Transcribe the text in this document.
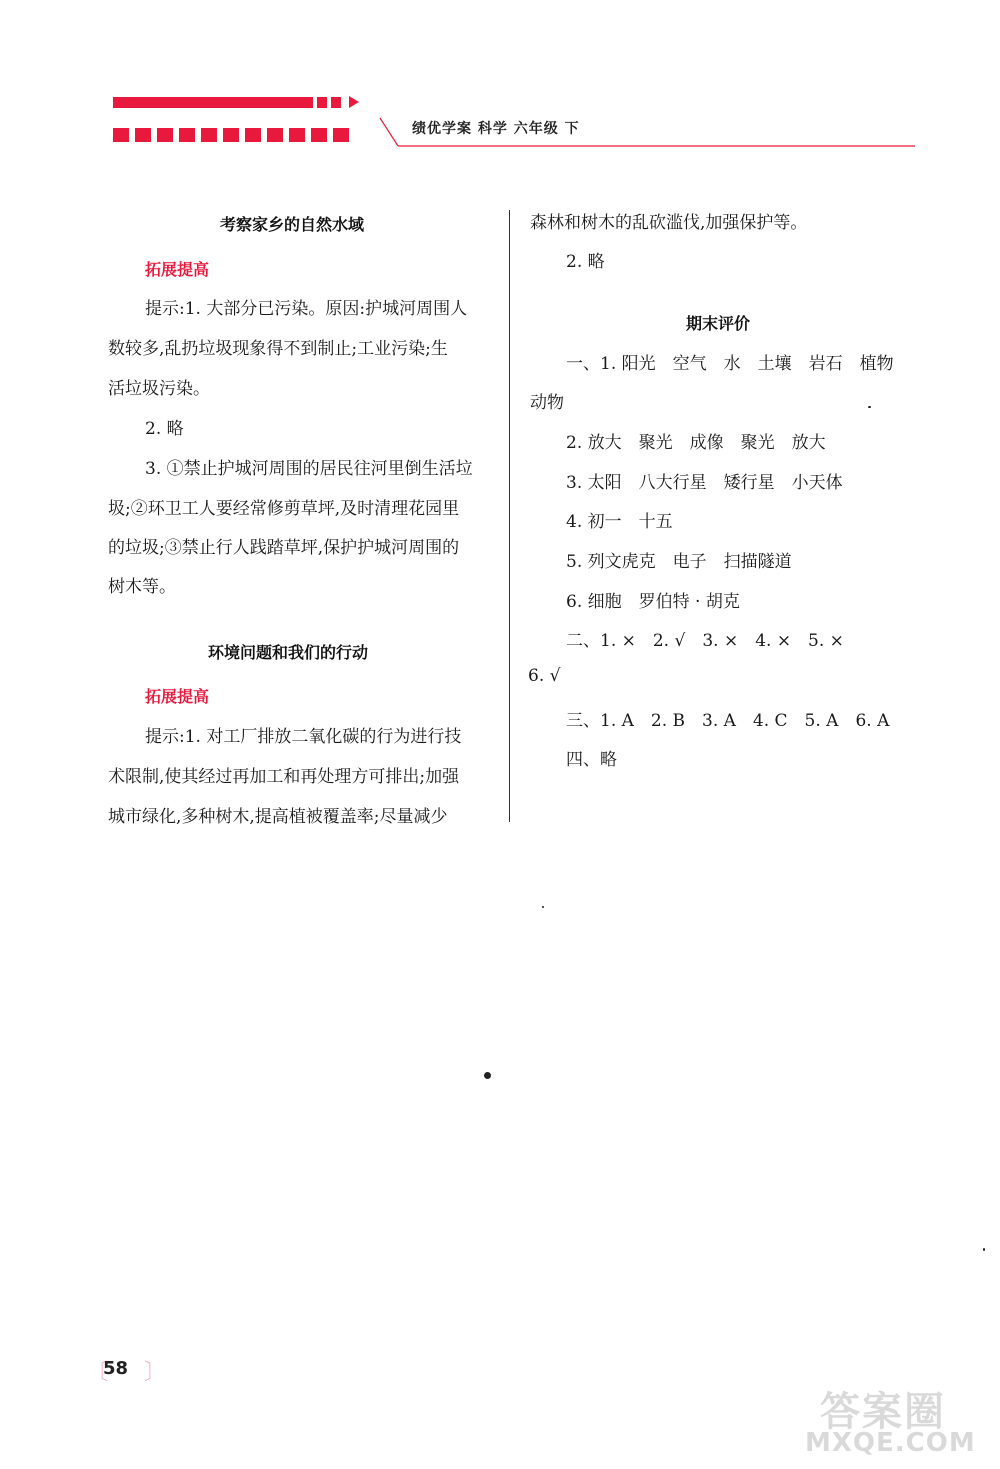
绩优学案 科学 六年级 下
考察家乡的自然水域
拓展提高
提示:1. 大部分已污染。原因:护城河周围人
数较多,乱扔垃圾现象得不到制止;工业污染;生
活垃圾污染。
2. 略
3. ①禁止护城河周围的居民往河里倒生活垃
圾;②环卫工人要经常修剪草坪,及时清理花园里
的垃圾;③禁止行人践踏草坪,保护护城河周围的
树木等。
环境问题和我们的行动
拓展提高
提示:1. 对工厂排放二氧化碳的行为进行技
术限制,使其经过再加工和再处理方可排出;加强
城市绿化,多种树木,提高植被覆盖率;尽量减少
森林和树木的乱砍滥伐,加强保护等。
2. 略
期末评价
一、1. 阳光　空气　水　土壤　岩石　植物
动物
2. 放大　聚光　成像　聚光　放大
3. 太阳　八大行星　矮行星　小天体
4. 初一　十五
5. 列文虎克　电子　扫描隧道
6. 细胞　罗伯特 · 胡克
二、1. ×　2. √　3. ×　4. ×　5. ×
6. √
三、1. A　2. B　3. A　4. C　5. A　6. A
四、略
〔
58 〕
答案圈
MXQE.COM
